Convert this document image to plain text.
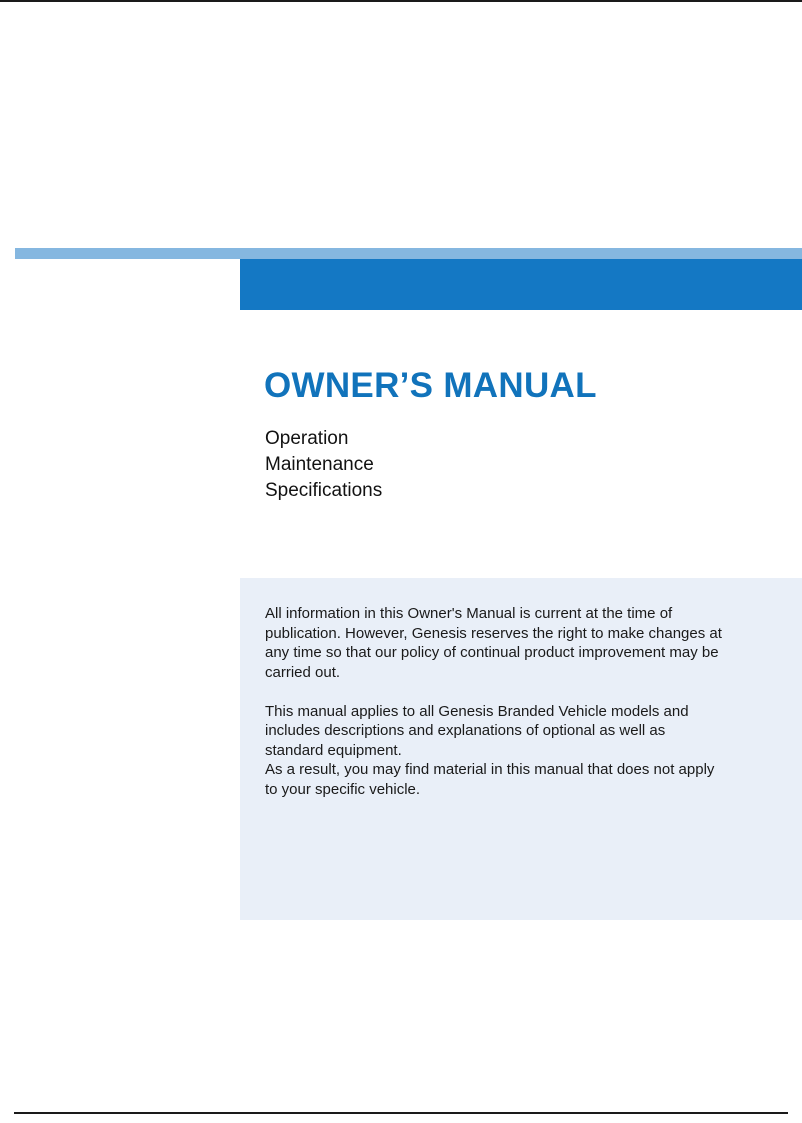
OWNER’S MANUAL
Operation
Maintenance
Specifications

All information in this Owner's Manual is current at the time of publication. However, Genesis reserves the right to make changes at any time so that our policy of continual product improvement may be carried out.

This manual applies to all Genesis Branded Vehicle models and includes descriptions and explanations of optional as well as standard equipment.

As a result, you may find material in this manual that does not apply to your specific vehicle.
